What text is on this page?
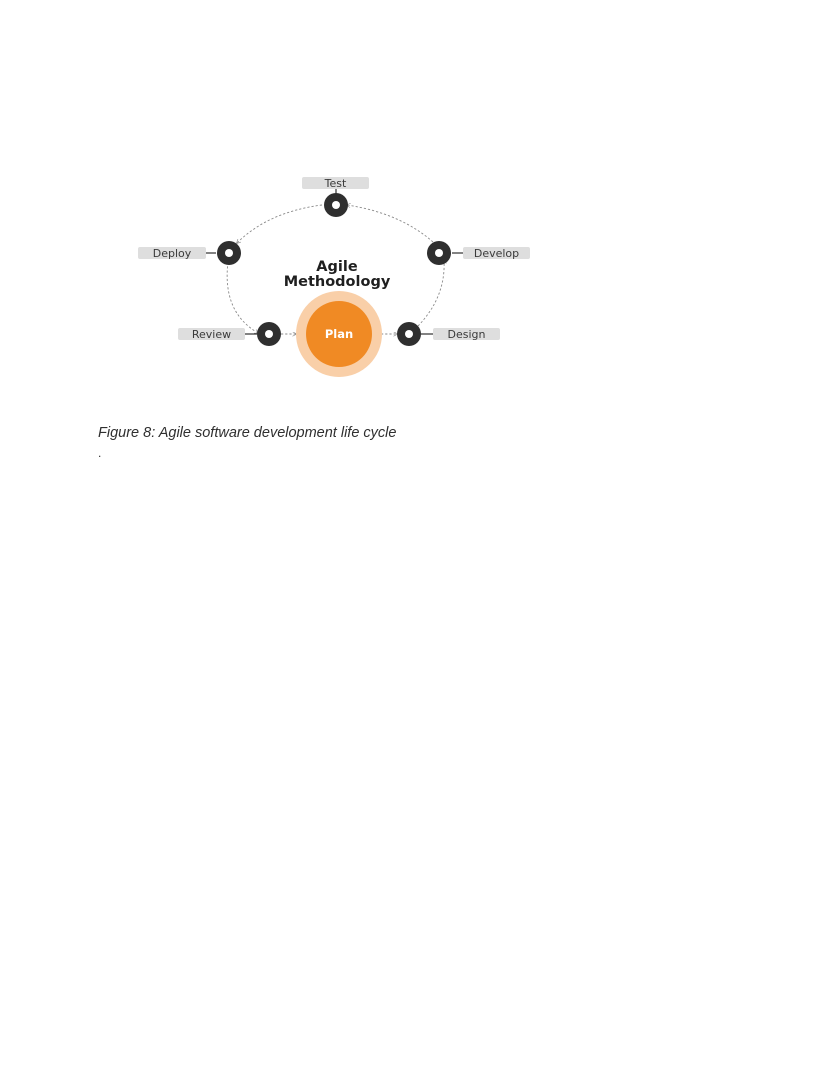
Plan
Test
Deploy	Develop
Review	Design
Agile
Methodology

Figure 8: Agile software development life cycle

.
